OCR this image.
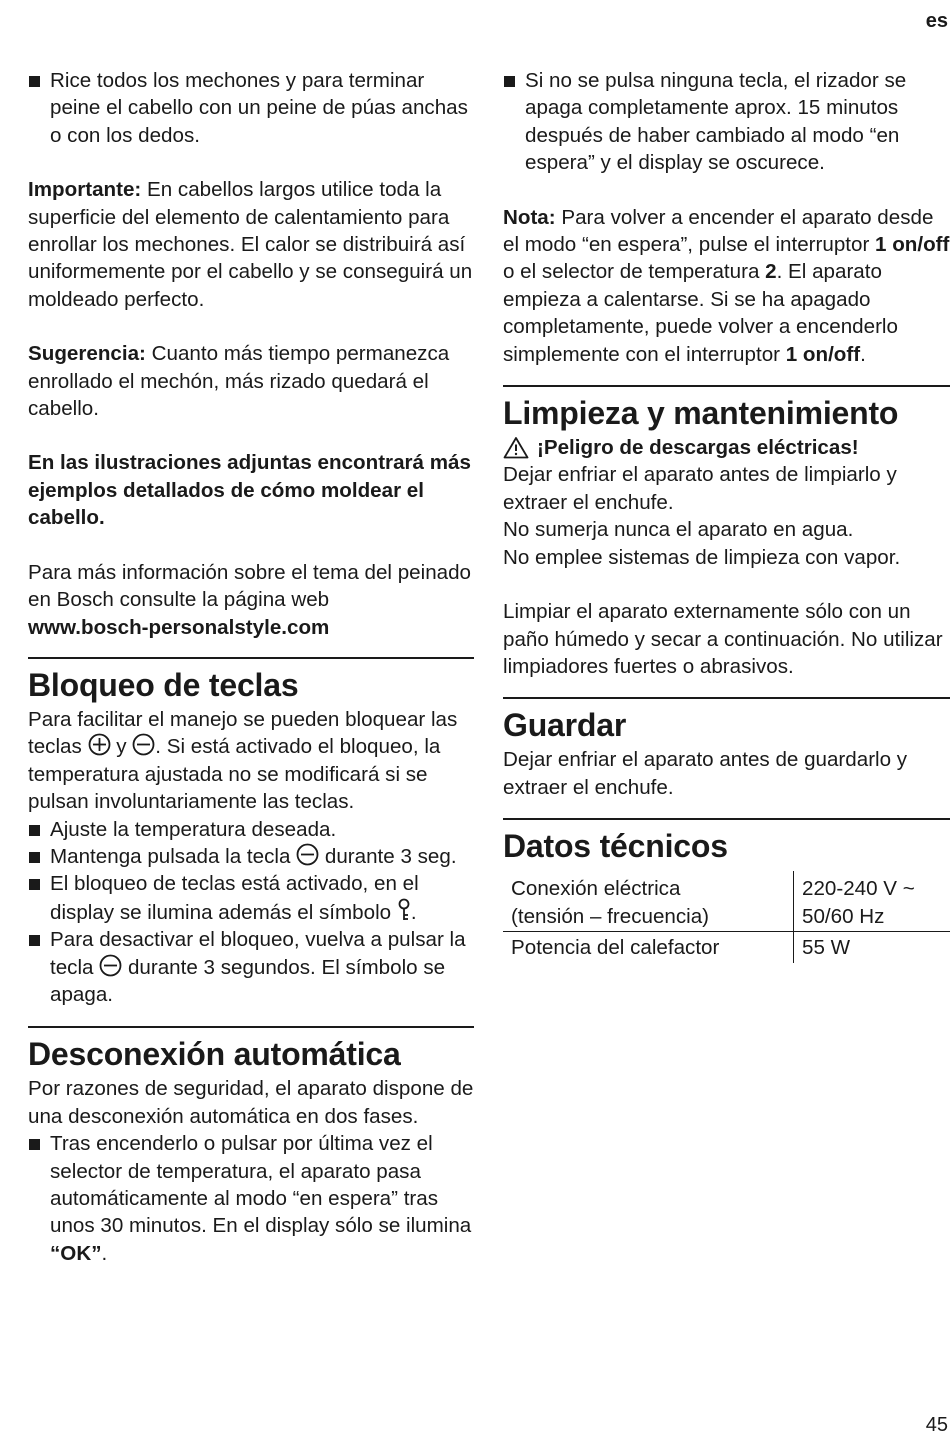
es

Rice todos los mechones y para terminar peine el cabello con un peine de púas anchas o con los dedos.

Importante: En cabellos largos utilice toda la superficie del elemento de calentamiento para enrollar los mechones. El calor se distribuirá así uniformemente por el cabello y se conseguirá un moldeado perfecto.

Sugerencia: Cuanto más tiempo permanezca enrollado el mechón, más rizado quedará el cabello.

En las ilustraciones adjuntas encontrará más ejemplos detallados de cómo moldear el cabello.

Para más información sobre el tema del peinado en Bosch consulte la página web
www.bosch-personalstyle.com

Bloqueo de teclas

Para facilitar el manejo se pueden bloquear las teclas  y . Si está activado el bloqueo, la temperatura ajustada no se modificará si se pulsan involuntariamente las teclas.

Ajuste la temperatura deseada.

Mantenga pulsada la tecla  durante 3 seg.

El bloqueo de teclas está activado, en el display se ilumina además el símbolo .

Para desactivar el bloqueo, vuelva a pulsar la tecla  durante 3 segundos. El símbolo se apaga.

Desconexión automática

Por razones de seguridad, el aparato dispone de una desconexión automática en dos fases.

Tras encenderlo o pulsar por última vez el selector de temperatura, el aparato pasa automáticamente al modo “en espera” tras unos 30 minutos. En el display sólo se ilumina “OK”.

Si no se pulsa ninguna tecla, el rizador se apaga completamente aprox. 15 minutos después de haber cambiado al modo “en espera” y el display se oscurece.

Nota: Para volver a encender el aparato desde el modo “en espera”, pulse el interruptor 1 on/off o el selector de temperatura 2. El aparato empieza a calentarse. Si se ha apagado completamente, puede volver a encenderlo simplemente con el interruptor 1 on/off.

Limpieza y mantenimiento

¡Peligro de descargas eléctricas!

Dejar enfriar el aparato antes de limpiarlo y extraer el enchufe.

No sumerja nunca el aparato en agua.

No emplee sistemas de limpieza con vapor.

Limpiar el aparato externamente sólo con un paño húmedo y secar a continuación. No utilizar limpiadores fuertes o abrasivos.

Guardar

Dejar enfriar el aparato antes de guardarlo y extraer el enchufe.

Datos técnicos
Conexión eléctrica
(tensión – frecuencia)	220-240 V ~
50/60 Hz
Potencia del calefactor	55 W
45
